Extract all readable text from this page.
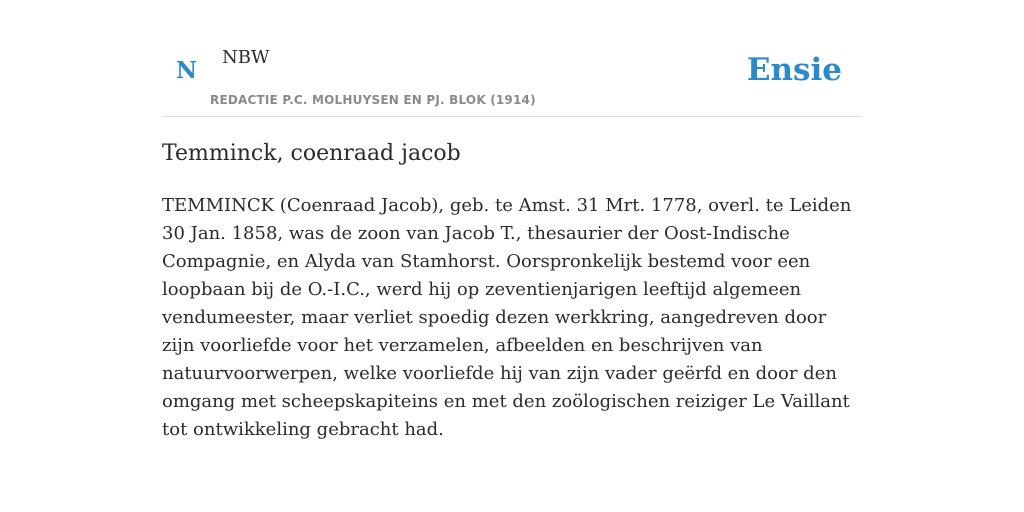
N NBW
REDACTIE P.C. MOLHUYSEN EN PJ. BLOK (1914)
Ensie
Temminck, coenraad jacob

TEMMINCK (Coenraad Jacob), geb. te Amst. 31 Mrt. 1778, overl. te Leiden 30 Jan. 1858, was de zoon van Jacob T., thesaurier der Oost-Indische Compagnie, en Alyda van Stamhorst. Oorspronkelijk bestemd voor een loopbaan bij de O.-I.C., werd hij op zeventienjarigen leeftijd algemeen vendumeester, maar verliet spoedig dezen werkkring, aangedreven door zijn voorliefde voor het verzamelen, afbeelden en beschrijven van natuurvoorwerpen, welke voorliefde hij van zijn vader geërfd en door den omgang met scheepskapiteins en met den zoölogischen reiziger Le Vaillant tot ontwikkeling gebracht had.
